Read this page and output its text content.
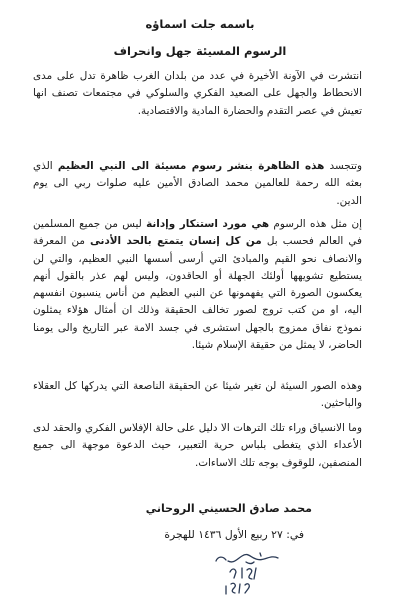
باسمه جلت اسماؤه
الرسوم المسيئة جهل وانحراف

انتشرت في الآونة الأخيرة في عدد من بلدان الغرب ظاهرة تدل على مدى الانحطاط والجهل على الصعيد الفكري والسلوكي في مجتمعات تصنف انها تعيش في عصر التقدم والحضارة المادية والاقتصادية.

وتتجسد هذه الظاهرة بنشر رسوم مسيئة الى النبي العظيم الذي بعثه الله رحمة للعالمين محمد الصادق الأمين عليه صلوات ربي الى يوم الدين.

إن مثل هذه الرسوم هي مورد استنكار وإدانة ليس من جميع المسلمين في العالم فحسب بل من كل إنسان يتمتع بالحد الأدنى من المعرفة والانصاف نحو القيم والمبادئ التي أرسى أسسها النبي العظيم، والتي لن يستطيع تشويهها أولئك الجهلة أو الحاقدون، وليس لهم عذر بالقول أنهم يعكسون الصورة التي يفهمونها عن النبي العظيم من أناس ينسبون انفسهم اليه، او من كتب تروج لصور تخالف الحقيقة وذلك ان أمثال هؤلاء يمثلون نموذج نفاق ممزوج بالجهل استشرى في جسد الامة عبر التاريخ والى يومنا الحاضر، لا يمثل من حقيقة الإسلام شيئا.

وهذه الصور السيئة لن تغير شيئا عن الحقيقة الناصعة التي يدركها كل العقلاء والباحثين.

وما الانسياق وراء تلك الترهات الا دليل على حالة الإفلاس الفكري والحقد لدى الأعداء الذي يتغطى بلباس حرية التعبير، حيث الدعوة موجهة الى جميع المنصفين، للوقوف بوجه تلك الاساءات.

محمد صادق الحسيني الروحاني
في: ٢٧ ربيع الأول ١٤٣٦ للهجرة
